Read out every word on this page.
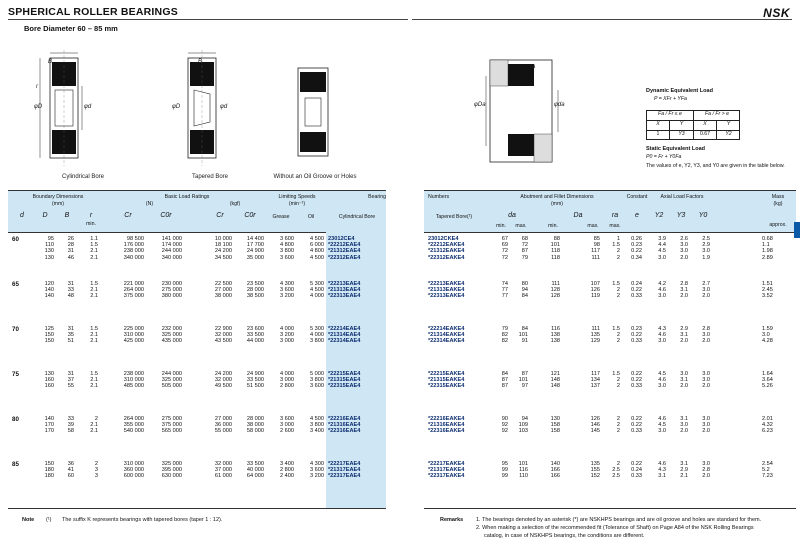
SPHERICAL ROLLER BEARINGS	NSK
Bore Diameter 60 – 85 mm
B
φD	φd
r
Cylindrical Bore
B
φD	φd
Tapered Bore	Without an Oil Groove or Holes
φDa	φda
ra
Dynamic Equivalent Load
P = XFr + YFa
Fa / Fr ≤ e	Fa / Fr > e
X	Y	X	Y
1	Y3	0.67	Y2
Static Equivalent Load
P0 = Fr + Y0Fa
The values of e, Y2, Y3, and Y0 are given in the table below.
Boundary Dimensions
(mm)
Basic Load Ratings
(N)	(kgf)
Limiting Speeds
(min⁻¹)
Bearing
d	D	B	r
min.
Cr	C0r	Cr	C0r	Grease	Oil	Cylindrical Bore
Numbers	Abutment and Fillet Dimensions
(mm)
Constant	Axial Load Factors	Mass
(kg)
Tapered Bore(¹)	da
min.	max.
Da
min.	max.
ra
max.
e	Y2	Y3	Y0
approx.
60	95	26	1.1	98 500	141 000	10 000	14 400	3 600	4 500 23012CE4	23012CKE4	67	68	88	85	1	0.26	3.9	2.6	2.5	0.68
110	28	1.5	176 000	174 000	18 100	17 700	4 800	6 000 *22212EAE4	*22212EAKE4	69	72	101	98	1.5	0.23	4.4	3.0	2.9	1.1
130	31	2.1	238 000	244 000	24 200	24 900	3 800	4 800 *21312EAE4	*21312EAKE4	72	87	118	117	2	0.22	4.5	3.0	3.0	1.98
130	46	2.1	340 000	340 000	34 500	35 000	3 600	4 500 *22312EAE4	*22312EAKE4	72	79	118	111	2	0.34	3.0	2.0	1.9	2.89
65	120	31	1.5	221 000	230 000	22 500	23 500	4 300	5 300 *22213EAE4	*22213EAKE4	74	80	111	107	1.5	0.24	4.2	2.8	2.7	1.51
140	33	2.1	264 000	275 000	27 000	28 000	3 600	4 500 *21313EAE4	*21313EAKE4	77	94	128	126	2	0.22	4.6	3.1	3.0	2.45
140	48	2.1	375 000	380 000	38 000	38 500	3 200	4 000 *22313EAE4	*22313EAKE4	77	84	128	119	2	0.33	3.0	2.0	2.0	3.52
70	125	31	1.5	225 000	232 000	22 900	23 600	4 000	5 300 *22214EAE4	*22214EAKE4	79	84	116	111	1.5	0.23	4.3	2.9	2.8	1.59
150	35	2.1	310 000	325 000	32 000	33 500	3 200	4 000 *21314EAE4	*21314EAKE4	82	101	138	135	2	0.22	4.6	3.1	3.0	3.0
150	51	2.1	425 000	435 000	43 500	44 000	3 000	3 800 *22314EAE4	*22314EAKE4	82	91	138	129	2	0.33	3.0	2.0	2.0	4.28
75	130	31	1.5	238 000	244 000	24 200	24 900	4 000	5 000 *22215EAE4	*22215EAKE4	84	87	121	117	1.5	0.22	4.5	3.0	3.0	1.64
160	37	2.1	310 000	325 000	32 000	33 500	3 000	3 800 *21315EAE4	*21315EAKE4	87	101	148	134	2	0.22	4.6	3.1	3.0	3.64
160	55	2.1	485 000	505 000	49 500	51 500	2 800	3 600 *22315EAE4	*22315EAKE4	87	97	148	137	2	0.33	3.0	2.0	2.0	5.26
80	140	33	2	264 000	275 000	27 000	28 000	3 600	4 500 *22216EAE4	*22216EAKE4	90	94	130	126	2	0.22	4.6	3.1	3.0	2.01
170	39	2.1	355 000	375 000	36 000	38 000	3 000	3 800 *21316EAE4	*21316EAKE4	92	109	158	146	2	0.22	4.5	3.0	3.0	4.32
170	58	2.1	540 000	565 000	55 000	58 000	2 600	3 400 *22316EAE4	*22316EAKE4	92	103	158	145	2	0.33	3.0	2.0	2.0	6.23
85	150	36	2	310 000	325 000	32 000	33 500	3 400	4 300 *22217EAE4	*22217EAKE4	95	101	140	135	2	0.22	4.6	3.1	3.0	2.54
180	41	3	360 000	395 000	37 000	40 000	2 800	3 600 *21317EAE4	*21317EAKE4	99	116	166	155	2.5	0.24	4.3	2.9	2.8	5.2
180	60	3	600 000	630 000	61 000	64 000	2 400	3 200 *22317EAE4	*22317EAKE4	99	110	166	152	2.5	0.33	3.1	2.1	2.0	7.23
Note (¹) The suffix K represents bearings with tapered bores (taper 1 : 12).	Remarks 1. The bearings denoted by an asterisk (*) are NSKHPS bearings and are oil groove and holes are standard for them.
2. When making a selection of the recommended fit (Tolerance of Shaft) on Page A84 of the NSK Rolling Bearings
catalog, in case of NSKHPS bearings, the conditions are different.
